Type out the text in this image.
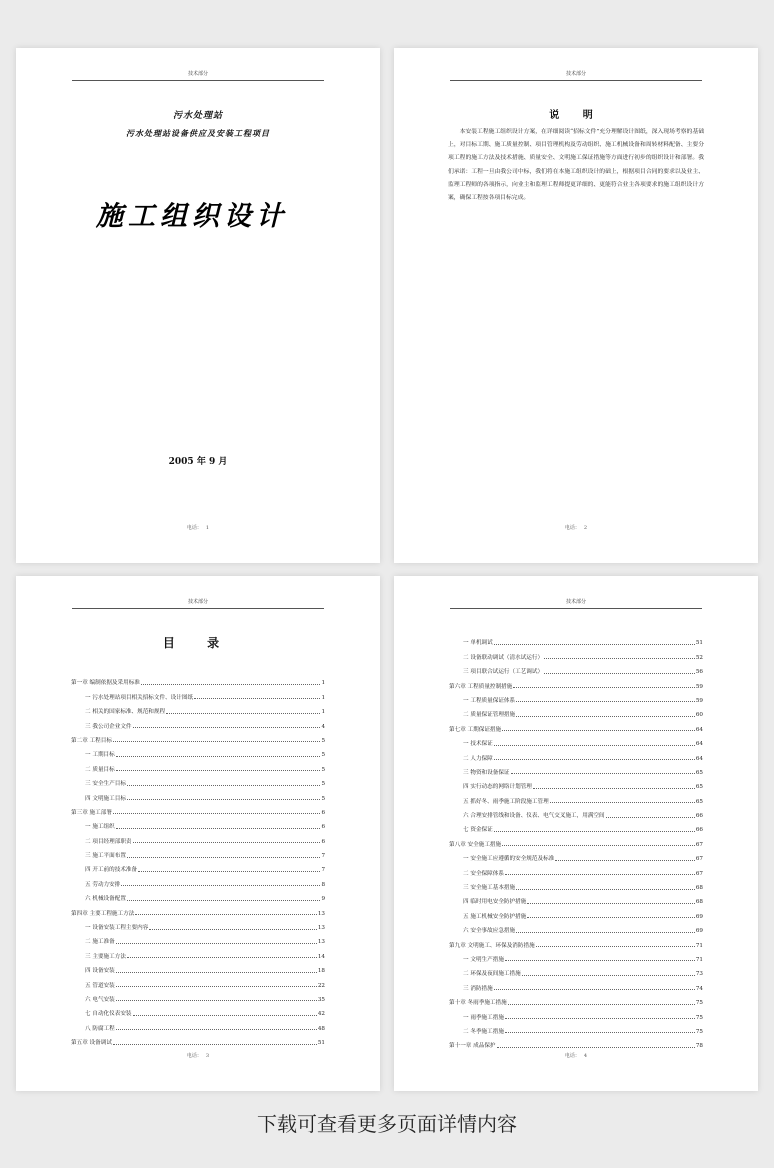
技术部分
污水处理站
污水处理站设备供应及安装工程项目
施工组织设计
2005 年 9 月
电话： 1
技术部分
说 明

本安装工程施工组织设计方案，在详细阅读“招标文件”充分理解设计图纸，深入现场考察的基础上，对目标工期、施工质量控制、项目管理机构及劳动组织、施工机械设备和周转材料配备、主要分项工程的施工方法及技术措施、质量安全、文明施工保证措施等方面进行初步的组织设计和部署。我们承诺：工程一旦由我公司中标，我们将在本施工组织设计的础上，根据项目合同的要求以及业主、监理工程师的各项指示，向业主和监理工程师提更详细的、更能符合业主各项要求的施工组织设计方案，确保工程按各项目标完成。

电话： 2
技术部分
目 录
第一章 编制依据及采用标准	1
一 污水处理站项目相关招标文件、设计图纸	1
二 相关的国家标准、规范和规程	1
三 我公司企业文件	4
第二章 工程目标	5
一 工期目标	5
二 质量目标	5
三 安全生产目标	5
四 文明施工目标	5
第三章 施工部署	6
一 施工组织	6
二 项目经理部职责	6
三 施工平面布置	7
四 开工前的技术准备	7
五 劳动力安排	8
六 机械设备配置	9
第四章 主要工程施工方法	13
一 设备安装工程主要内容	13
二 施工准备	13
三 主要施工方法	14
四 设备安装	18
五 管道安装	22
六 电气安装	35
七 自动化仪表安装	42
八 防腐工程	48
第五章 设备调试	51
电话： 3
技术部分
一 单机调试	51
二 设备联动调试（清水试运行）	52
三 项目联合试运行（工艺调试）	56
第六章 工程质量控制措施	59
一 工程质量保证体系	59
二 质量保证管理措施	60
第七章 工期保证措施	64
一 技术保证	64
二 人力保障	64
三 物资和设备保证	65
四 实行动态的网络计划管理	65
五 抓好冬、雨季施工阶段施工管理	65
六 合理安排管线和设备、仪表、电气交叉施工，用满空间	66
七 资金保证	66
第八章 安全施工措施	67
一 安全施工应遵循的安全规范及标准	67
二 安全保障体系	67
三 安全施工基本措施	68
四 临时用电安全防护措施	68
五 施工机械安全防护措施	69
六 安全事故应急措施	69
第九章 文明施工、环保及消防措施	71
一 文明生产措施	71
二 环保及夜间施工措施	73
三 消防措施	74
第十章 冬雨季施工措施	75
一 雨季施工措施	75
二 冬季施工措施	75
第十一章 成品保护	78
电话： 4
下载可查看更多页面详情内容
